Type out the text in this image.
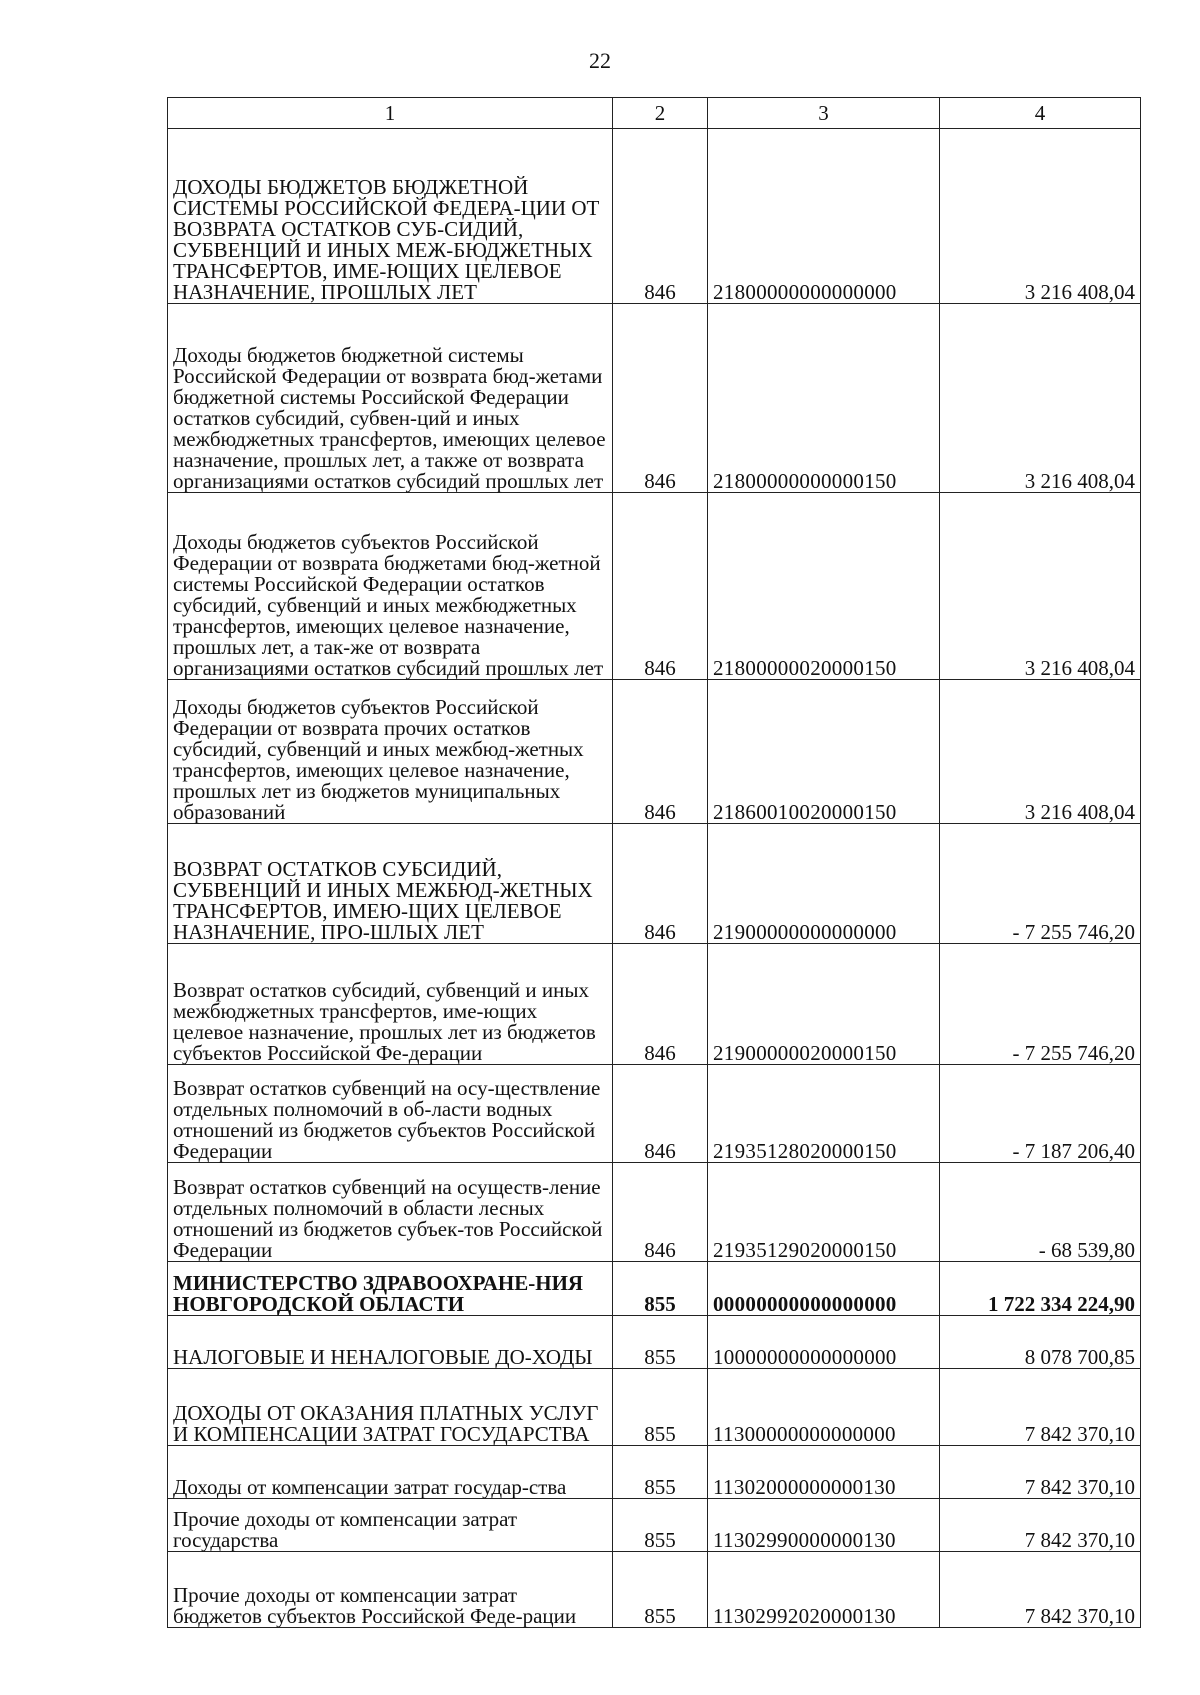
22
1	2	3	4
ДОХОДЫ БЮДЖЕТОВ БЮДЖЕТНОЙ СИСТЕМЫ РОССИЙСКОЙ ФЕДЕРА-ЦИИ ОТ ВОЗВРАТА ОСТАТКОВ СУБ-СИДИЙ, СУБВЕНЦИЙ И ИНЫХ МЕЖ-БЮДЖЕТНЫХ ТРАНСФЕРТОВ, ИМЕ-ЮЩИХ ЦЕЛЕВОЕ НАЗНАЧЕНИЕ, ПРОШЛЫХ ЛЕТ	846	21800000000000000	3 216 408,04
Доходы бюджетов бюджетной системы Российской Федерации от возврата бюд-жетами бюджетной системы Российской Федерации остатков субсидий, субвен-ций и иных межбюджетных трансфертов, имеющих целевое назначение, прошлых лет, а также от возврата организациями остатков субсидий прошлых лет	846	21800000000000150	3 216 408,04
Доходы бюджетов субъектов Российской Федерации от возврата бюджетами бюд-жетной системы Российской Федерации остатков субсидий, субвенций и иных межбюджетных трансфертов, имеющих целевое назначение, прошлых лет, а так-же от возврата организациями остатков субсидий прошлых лет	846	21800000020000150	3 216 408,04
Доходы бюджетов субъектов Российской Федерации от возврата прочих остатков субсидий, субвенций и иных межбюд-жетных трансфертов, имеющих целевое назначение, прошлых лет из бюджетов муниципальных образований	846	21860010020000150	3 216 408,04
ВОЗВРАТ ОСТАТКОВ СУБСИДИЙ, СУБВЕНЦИЙ И ИНЫХ МЕЖБЮД-ЖЕТНЫХ ТРАНСФЕРТОВ, ИМЕЮ-ЩИХ ЦЕЛЕВОЕ НАЗНАЧЕНИЕ, ПРО-ШЛЫХ ЛЕТ	846	21900000000000000	- 7 255 746,20
Возврат остатков субсидий, субвенций и иных межбюджетных трансфертов, име-ющих целевое назначение, прошлых лет из бюджетов субъектов Российской Фе-дерации	846	21900000020000150	- 7 255 746,20
Возврат остатков субвенций на осу-ществление отдельных полномочий в об-ласти водных отношений из бюджетов субъектов Российской Федерации	846	21935128020000150	- 7 187 206,40
Возврат остатков субвенций на осуществ-ление отдельных полномочий в области лесных отношений из бюджетов субъек-тов Российской Федерации	846	21935129020000150	- 68 539,80
МИНИСТЕРСТВО ЗДРАВООХРАНЕ-НИЯ НОВГОРОДСКОЙ ОБЛАСТИ	855	00000000000000000	1 722 334 224,90
НАЛОГОВЫЕ И НЕНАЛОГОВЫЕ ДО-ХОДЫ	855	10000000000000000	8 078 700,85
ДОХОДЫ ОТ ОКАЗАНИЯ ПЛАТНЫХ УСЛУГ И КОМПЕНСАЦИИ ЗАТРАТ ГОСУДАРСТВА	855	11300000000000000	7 842 370,10
Доходы от компенсации затрат государ-ства	855	11302000000000130	7 842 370,10
Прочие доходы от компенсации затрат государства	855	11302990000000130	7 842 370,10
Прочие доходы от компенсации затрат бюджетов субъектов Российской Феде-рации	855	11302992020000130	7 842 370,10
